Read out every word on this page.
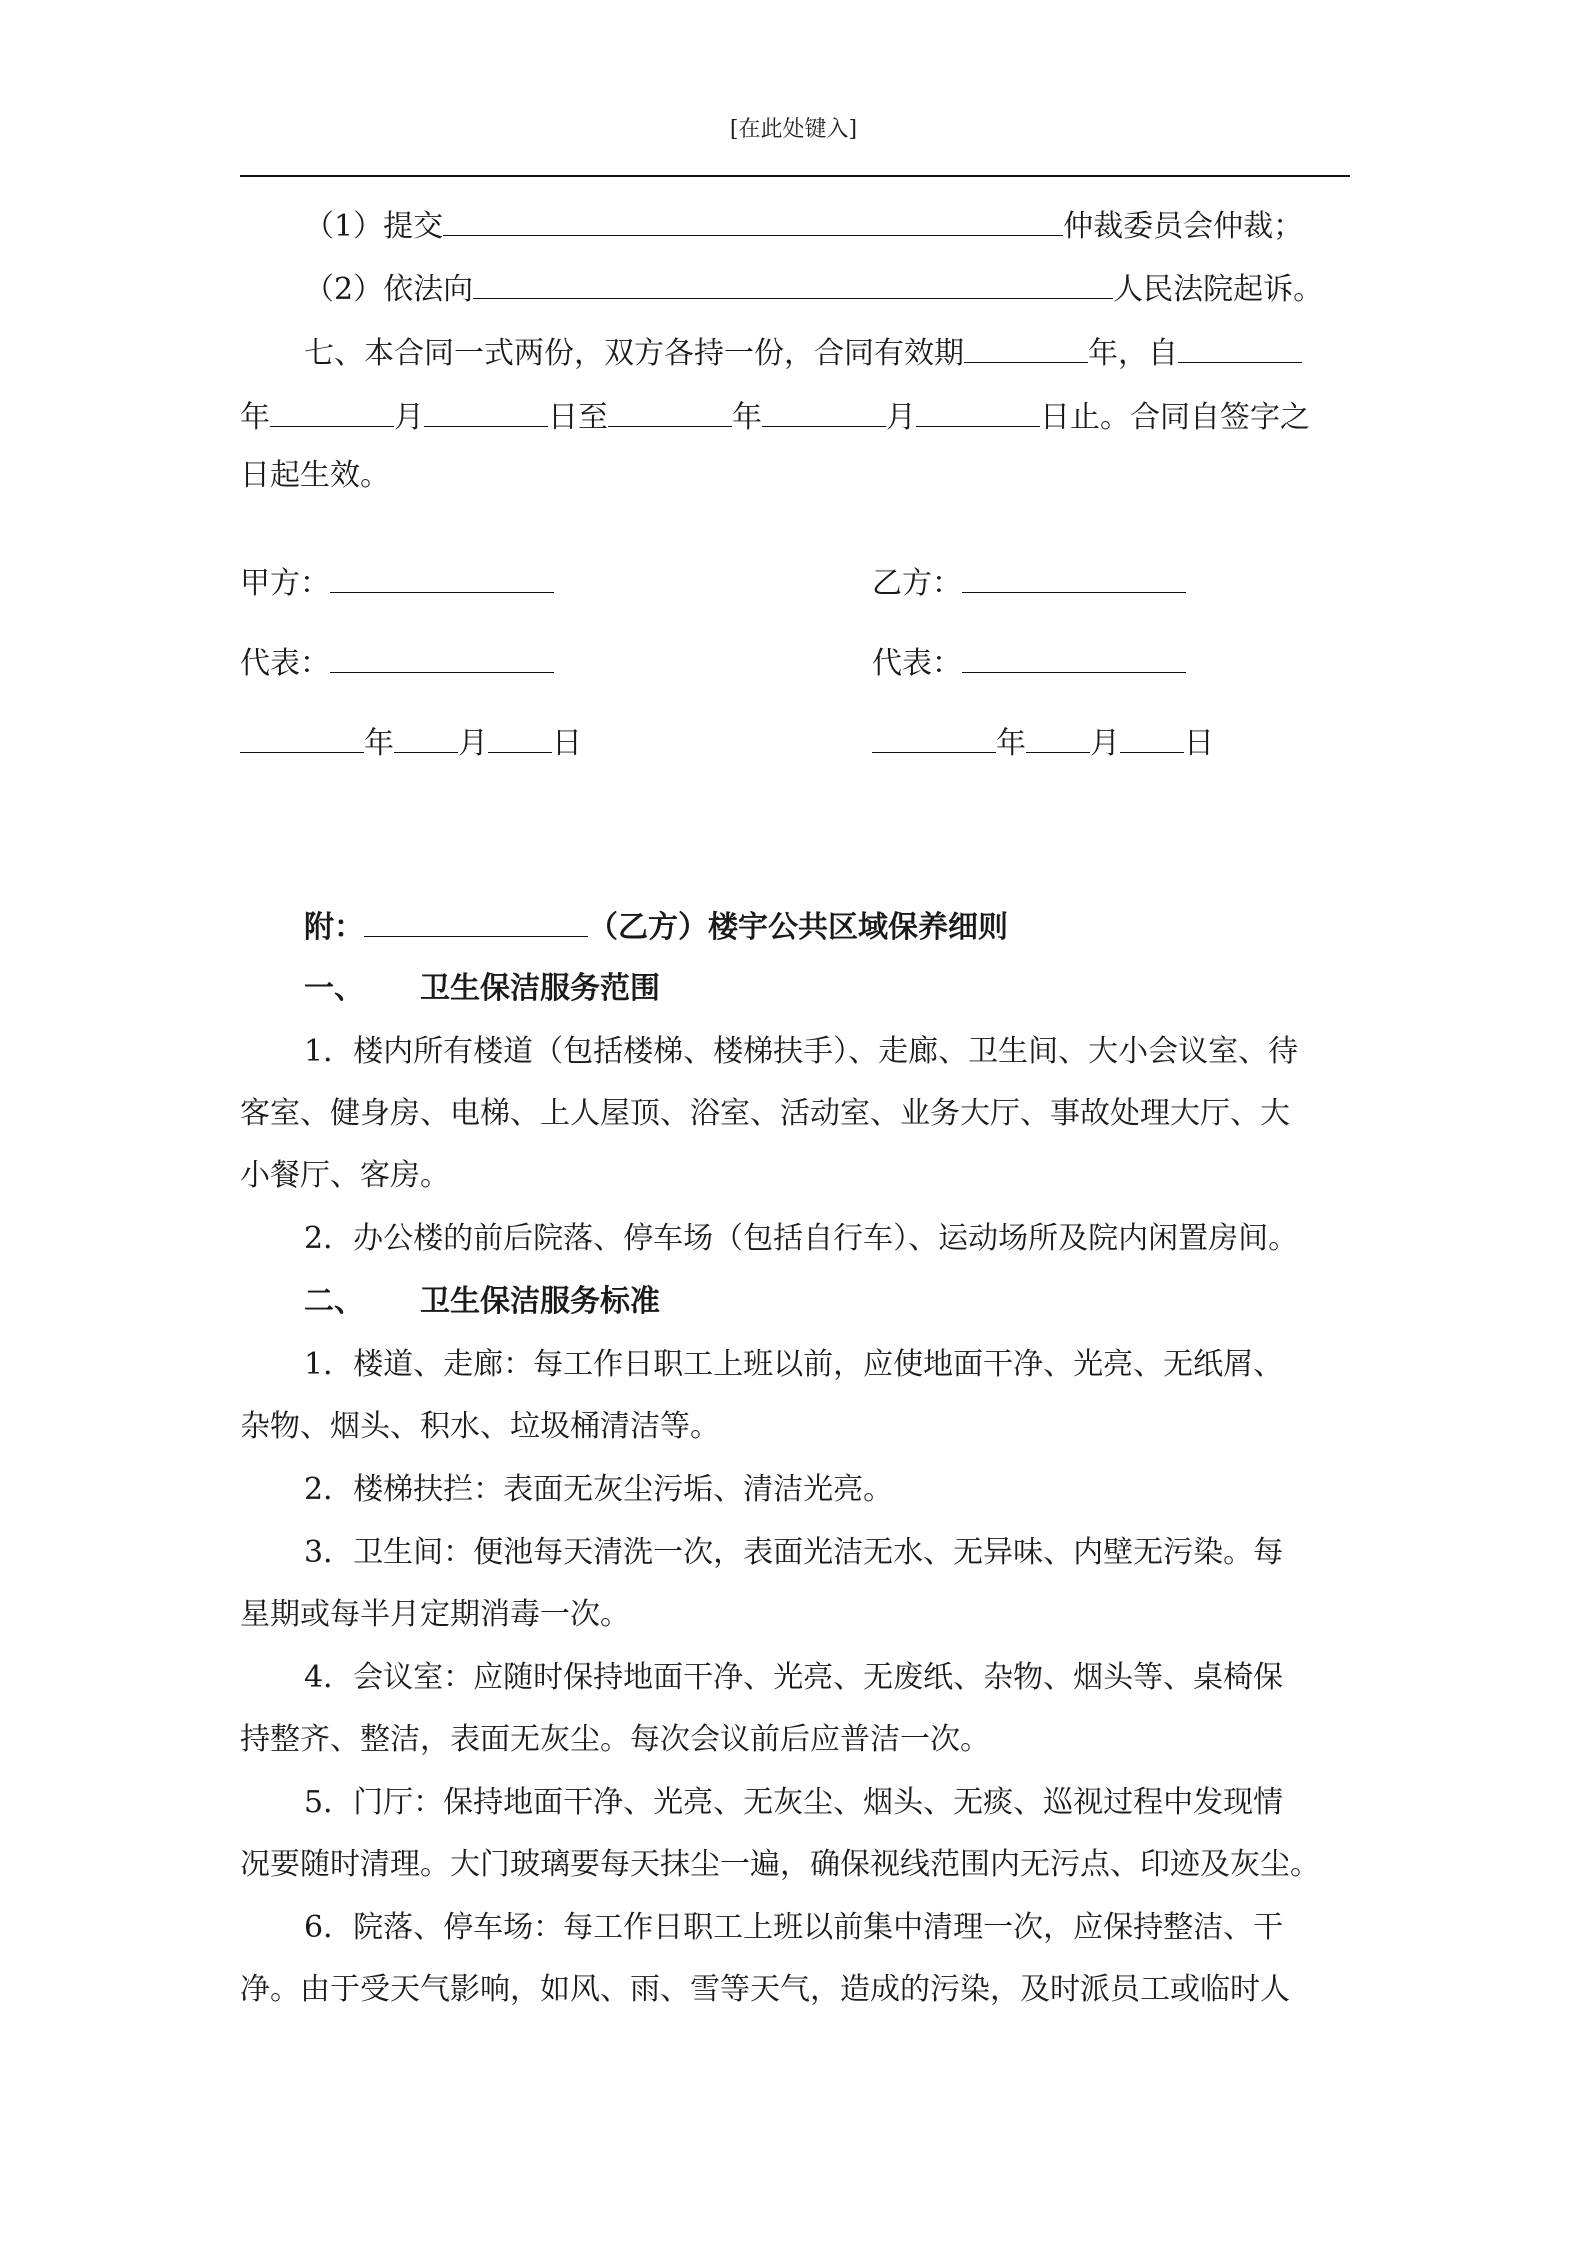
[在此处键入]
（1）提交	仲裁委员会仲裁；
（2）依法向	人民法院起诉。
七、本合同一式两份，双方各持一份，合同有效期	年，自
年	月	日至	年	月	日止。合同自签字之
日起生效。
甲方：	乙方：
代表：	代表：
年 月 日	年 月 日
附：	（乙方）楼宇公共区域保养细则
一、 卫生保洁服务范围
1．楼内所有楼道（包括楼梯、楼梯扶手）、走廊、卫生间、大小会议室、待
客室、健身房、电梯、上人屋顶、浴室、活动室、业务大厅、事故处理大厅、大
小餐厅、客房。
2．办公楼的前后院落、停车场（包括自行车）、运动场所及院内闲置房间。
二、 卫生保洁服务标准
1．楼道、走廊：每工作日职工上班以前，应使地面干净、光亮、无纸屑、
杂物、烟头、积水、垃圾桶清洁等。
2．楼梯扶拦：表面无灰尘污垢、清洁光亮。
3．卫生间：便池每天清洗一次，表面光洁无水、无异味、内壁无污染。每
星期或每半月定期消毒一次。
4．会议室：应随时保持地面干净、光亮、无废纸、杂物、烟头等、桌椅保
持整齐、整洁，表面无灰尘。每次会议前后应普洁一次。
5．门厅：保持地面干净、光亮、无灰尘、烟头、无痰、巡视过程中发现情
况要随时清理。大门玻璃要每天抹尘一遍，确保视线范围内无污点、印迹及灰尘。
6．院落、停车场：每工作日职工上班以前集中清理一次，应保持整洁、干
净。由于受天气影响，如风、雨、雪等天气，造成的污染，及时派员工或临时人
